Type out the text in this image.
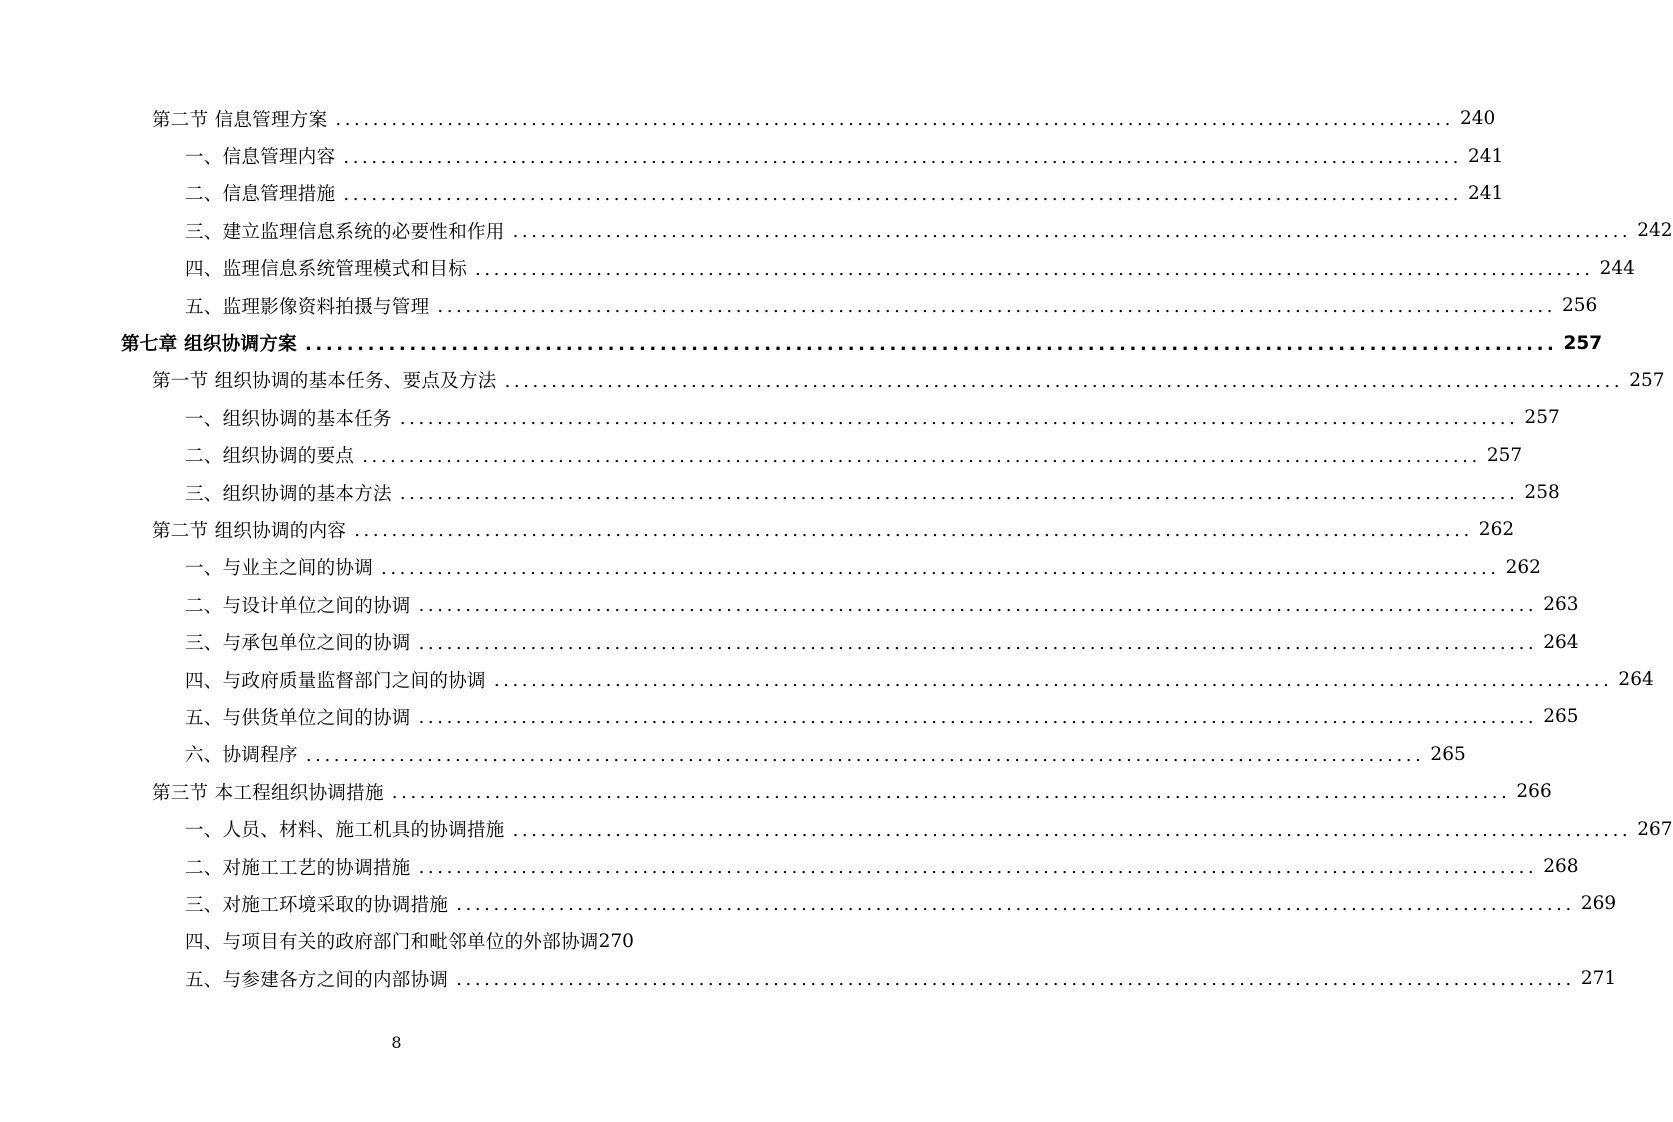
第二节 信息管理方案 ........................................................................................................................ 240
一、信息管理内容 ........................................................................................................................ 241
二、信息管理措施 ........................................................................................................................ 241
三、建立监理信息系统的必要性和作用 ........................................................................................................................ 242
四、监理信息系统管理模式和目标 ........................................................................................................................ 244
五、监理影像资料拍摄与管理 ........................................................................................................................ 256
第七章 组织协调方案 ........................................................................................................................ 257
第一节 组织协调的基本任务、要点及方法 ........................................................................................................................ 257
一、组织协调的基本任务 ........................................................................................................................ 257
二、组织协调的要点 ........................................................................................................................ 257
三、组织协调的基本方法 ........................................................................................................................ 258
第二节 组织协调的内容 ........................................................................................................................ 262
一、与业主之间的协调 ........................................................................................................................ 262
二、与设计单位之间的协调 ........................................................................................................................ 263
三、与承包单位之间的协调 ........................................................................................................................ 264
四、与政府质量监督部门之间的协调 ........................................................................................................................ 264
五、与供货单位之间的协调 ........................................................................................................................ 265
六、协调程序 ........................................................................................................................ 265
第三节 本工程组织协调措施 ........................................................................................................................ 266
一、人员、材料、施工机具的协调措施 ........................................................................................................................ 267
二、对施工工艺的协调措施 ........................................................................................................................ 268
三、对施工环境采取的协调措施 ........................................................................................................................ 269
四、与项目有关的政府部门和毗邻单位的外部协调 270
五、与参建各方之间的内部协调 ........................................................................................................................ 271
8
